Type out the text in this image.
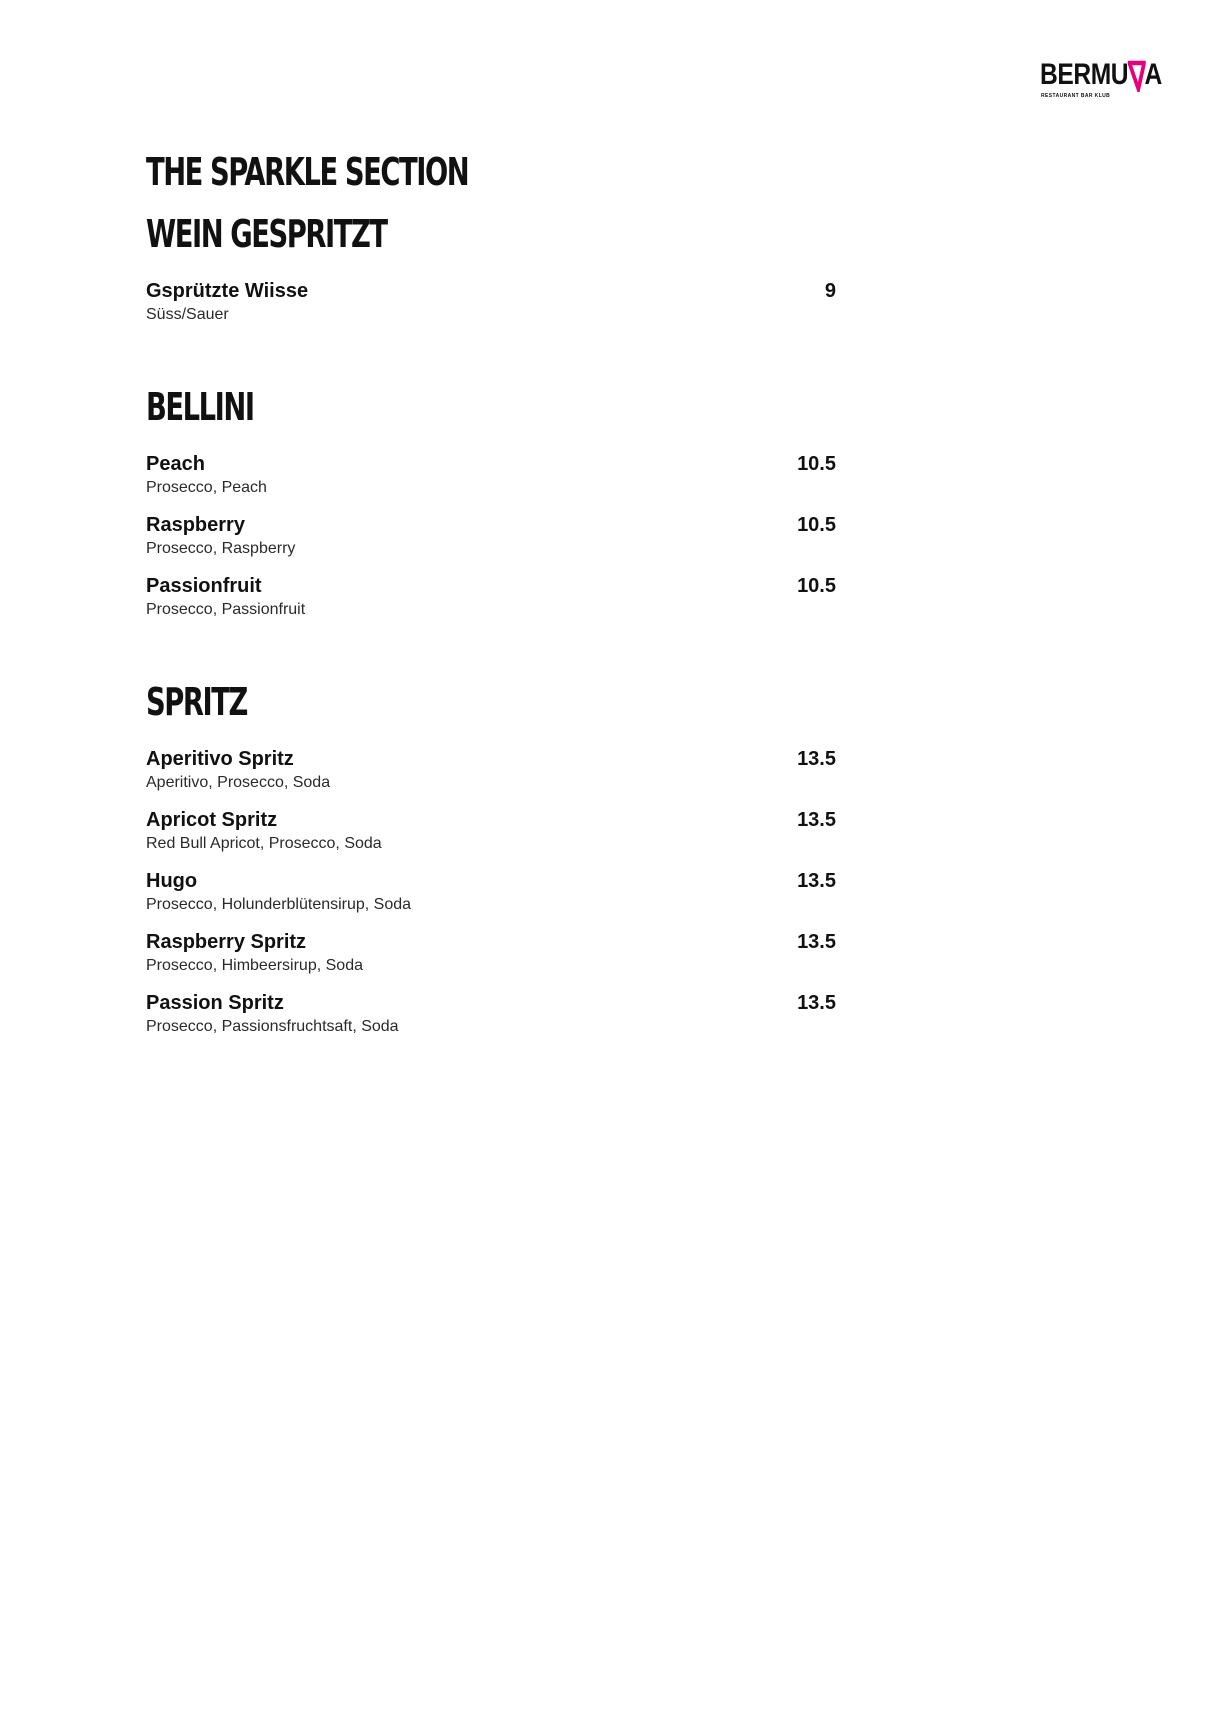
BERMU A
RESTAURANT BAR KLUB
THE SPARKLE SECTION
WEIN GESPRITZT
Gsprützte Wiisse	9
Süss/Sauer
BELLINI
Peach	10.5
Prosecco, Peach
Raspberry	10.5
Prosecco, Raspberry
Passionfruit	10.5
Prosecco, Passionfruit
SPRITZ
Aperitivo Spritz	13.5
Aperitivo, Prosecco, Soda
Apricot Spritz	13.5
Red Bull Apricot, Prosecco, Soda
Hugo	13.5
Prosecco, Holunderblütensirup, Soda
Raspberry Spritz	13.5
Prosecco, Himbeersirup, Soda
Passion Spritz	13.5
Prosecco, Passionsfruchtsaft, Soda
